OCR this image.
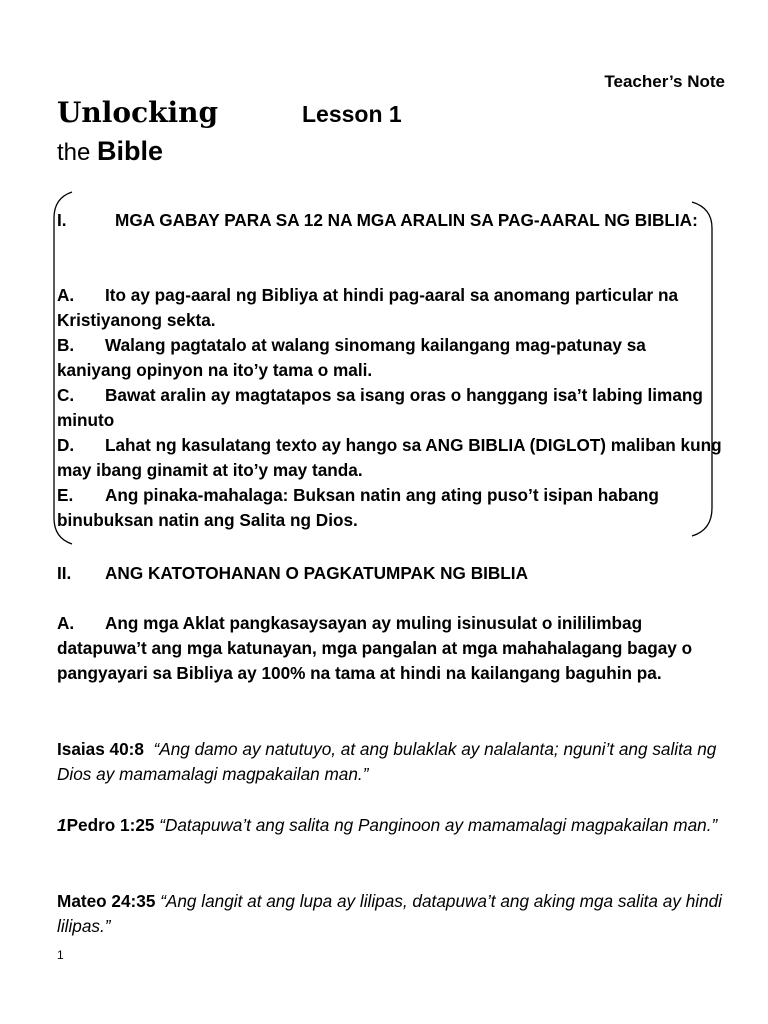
Teacher’s Note
Unlocking	Lesson 1
the Bible
I.	MGA GABAY PARA SA 12 NA MGA ARALIN SA PAG-AARAL NG BIBLIA:
A. Ito ay pag-aaral ng Bibliya at hindi pag-aaral sa anomang particular na Kristiyanong sekta.
B. Walang pagtatalo at walang sinomang kailangang mag-patunay sa kaniyang opinyon na ito’y tama o mali.
C. Bawat aralin ay magtatapos sa isang oras o hanggang isa’t labing limang minuto
D. Lahat ng kasulatang texto ay hango sa ANG BIBLIA (DIGLOT) maliban kung may ibang ginamit at ito’y may tanda.
E. Ang pinaka-mahalaga: Buksan natin ang ating puso’t isipan habang binubuksan natin ang Salita ng Dios.
II. ANG KATOTOHANAN O PAGKATUMPAK NG BIBLIA
A. Ang mga Aklat pangkasaysayan ay muling isinusulat o inililimbag datapuwa’t ang mga katunayan, mga pangalan at mga mahahalagang bagay o pangyayari sa Bibliya ay 100% na tama at hindi na kailangang baguhin pa.
Isaias 40:8 “Ang damo ay natutuyo, at ang bulaklak ay nalalanta; nguni’t ang salita ng Dios ay mamamalagi magpakailan man.”
1Pedro 1:25 “Datapuwa’t ang salita ng Panginoon ay mamamalagi magpakailan man.”
Mateo 24:35 “Ang langit at ang lupa ay lilipas, datapuwa’t ang aking mga salita ay hindi lilipas.”
1
